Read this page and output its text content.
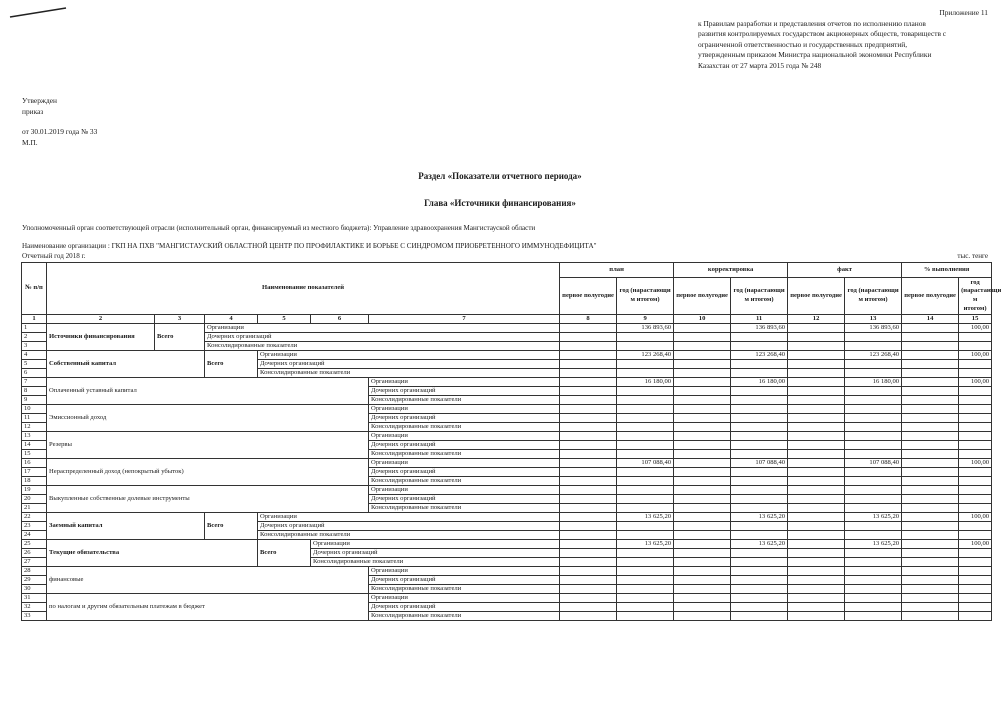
Приложение 11
к Правилам разработки и представления отчетов по исполнению планов
развития контролируемых государством акционерных обществ, товариществ с
ограниченной ответственностью и государственных предприятий,
утвержденным приказом Министра национальной экономики Республики
Казахстан от 27 марта 2015 года № 248
Утвержден
приказ
от 30.01.2019 года № 33
М.П.
Раздел «Показатели отчетного периода»
Глава «Источники финансирования»
Уполномоченный орган соответствующей отрасли (исполнительный орган, финансируемый из местного бюджета): Управление здравоохранения Мангистауской области
Наименование организации : ГКП НА ПХВ "МАНГИСТАУСКИЙ ОБЛАСТНОЙ ЦЕНТР ПО ПРОФИЛАКТИКЕ И БОРЬБЕ С СИНДРОМОМ ПРИОБРЕТЕННОГО ИММУНОДЕФИЦИТА"
Отчетный год 2018 г.	тыс. тенге
№ п/п	Наименование показателей						план		корректировка		факт		% выполнения	
							первое полугодие	год (нарастающи м итогом)	первое полугодие	год (нарастающи м итогом)	первое полугодие	год (нарастающи м итогом)	первое полугодие	год (нарастающи м итогом)
1	2	3	4	5	6	7	8	9	10	11	12	13	14	15
1	Источники финансирования	Всего	Организации					136 893,60		136 893,60		136 893,60		100,00
2			Дочерних организаций											
3			Консолидированные показатели											
4	Собственный капитал		Всего	Организации				123 268,40		123 268,40		123 268,40		100,00
5				Дочерних организаций										
6				Консолидированные показатели										
7	Оплаченный уставный капитал					Организации		16 180,00		16 180,00		16 180,00		100,00
8						Дочерних организаций								
9						Консолидированные показатели								
10	Эмиссионный доход					Организации								
11						Дочерних организаций								
12						Консолидированные показатели								
13	Резервы					Организации								
14						Дочерних организаций								
15						Консолидированные показатели								
16	Нераспределенный доход (непокрытый убыток)					Организации		107 088,40		107 088,40		107 088,40		100,00
17						Дочерних организаций								
18						Консолидированные показатели								
19	Выкупленные собственные долевые инструменты					Организации								
20						Дочерних организаций								
21						Консолидированные показатели								
22	Заемный капитал		Всего	Организации				13 625,20		13 625,20		13 625,20		100,00
23				Дочерних организаций										
24				Консолидированные показатели										
25	Текущие обязательства			Всего	Организации			13 625,20		13 625,20		13 625,20		100,00
26					Дочерних организаций									
27					Консолидированные показатели									
28	финансовые					Организации								
29						Дочерних организаций								
30						Консолидированные показатели								
31	по налогам и другим обязательным платежам в бюджет					Организации								
32						Дочерних организаций								
33						Консолидированные показатели								
